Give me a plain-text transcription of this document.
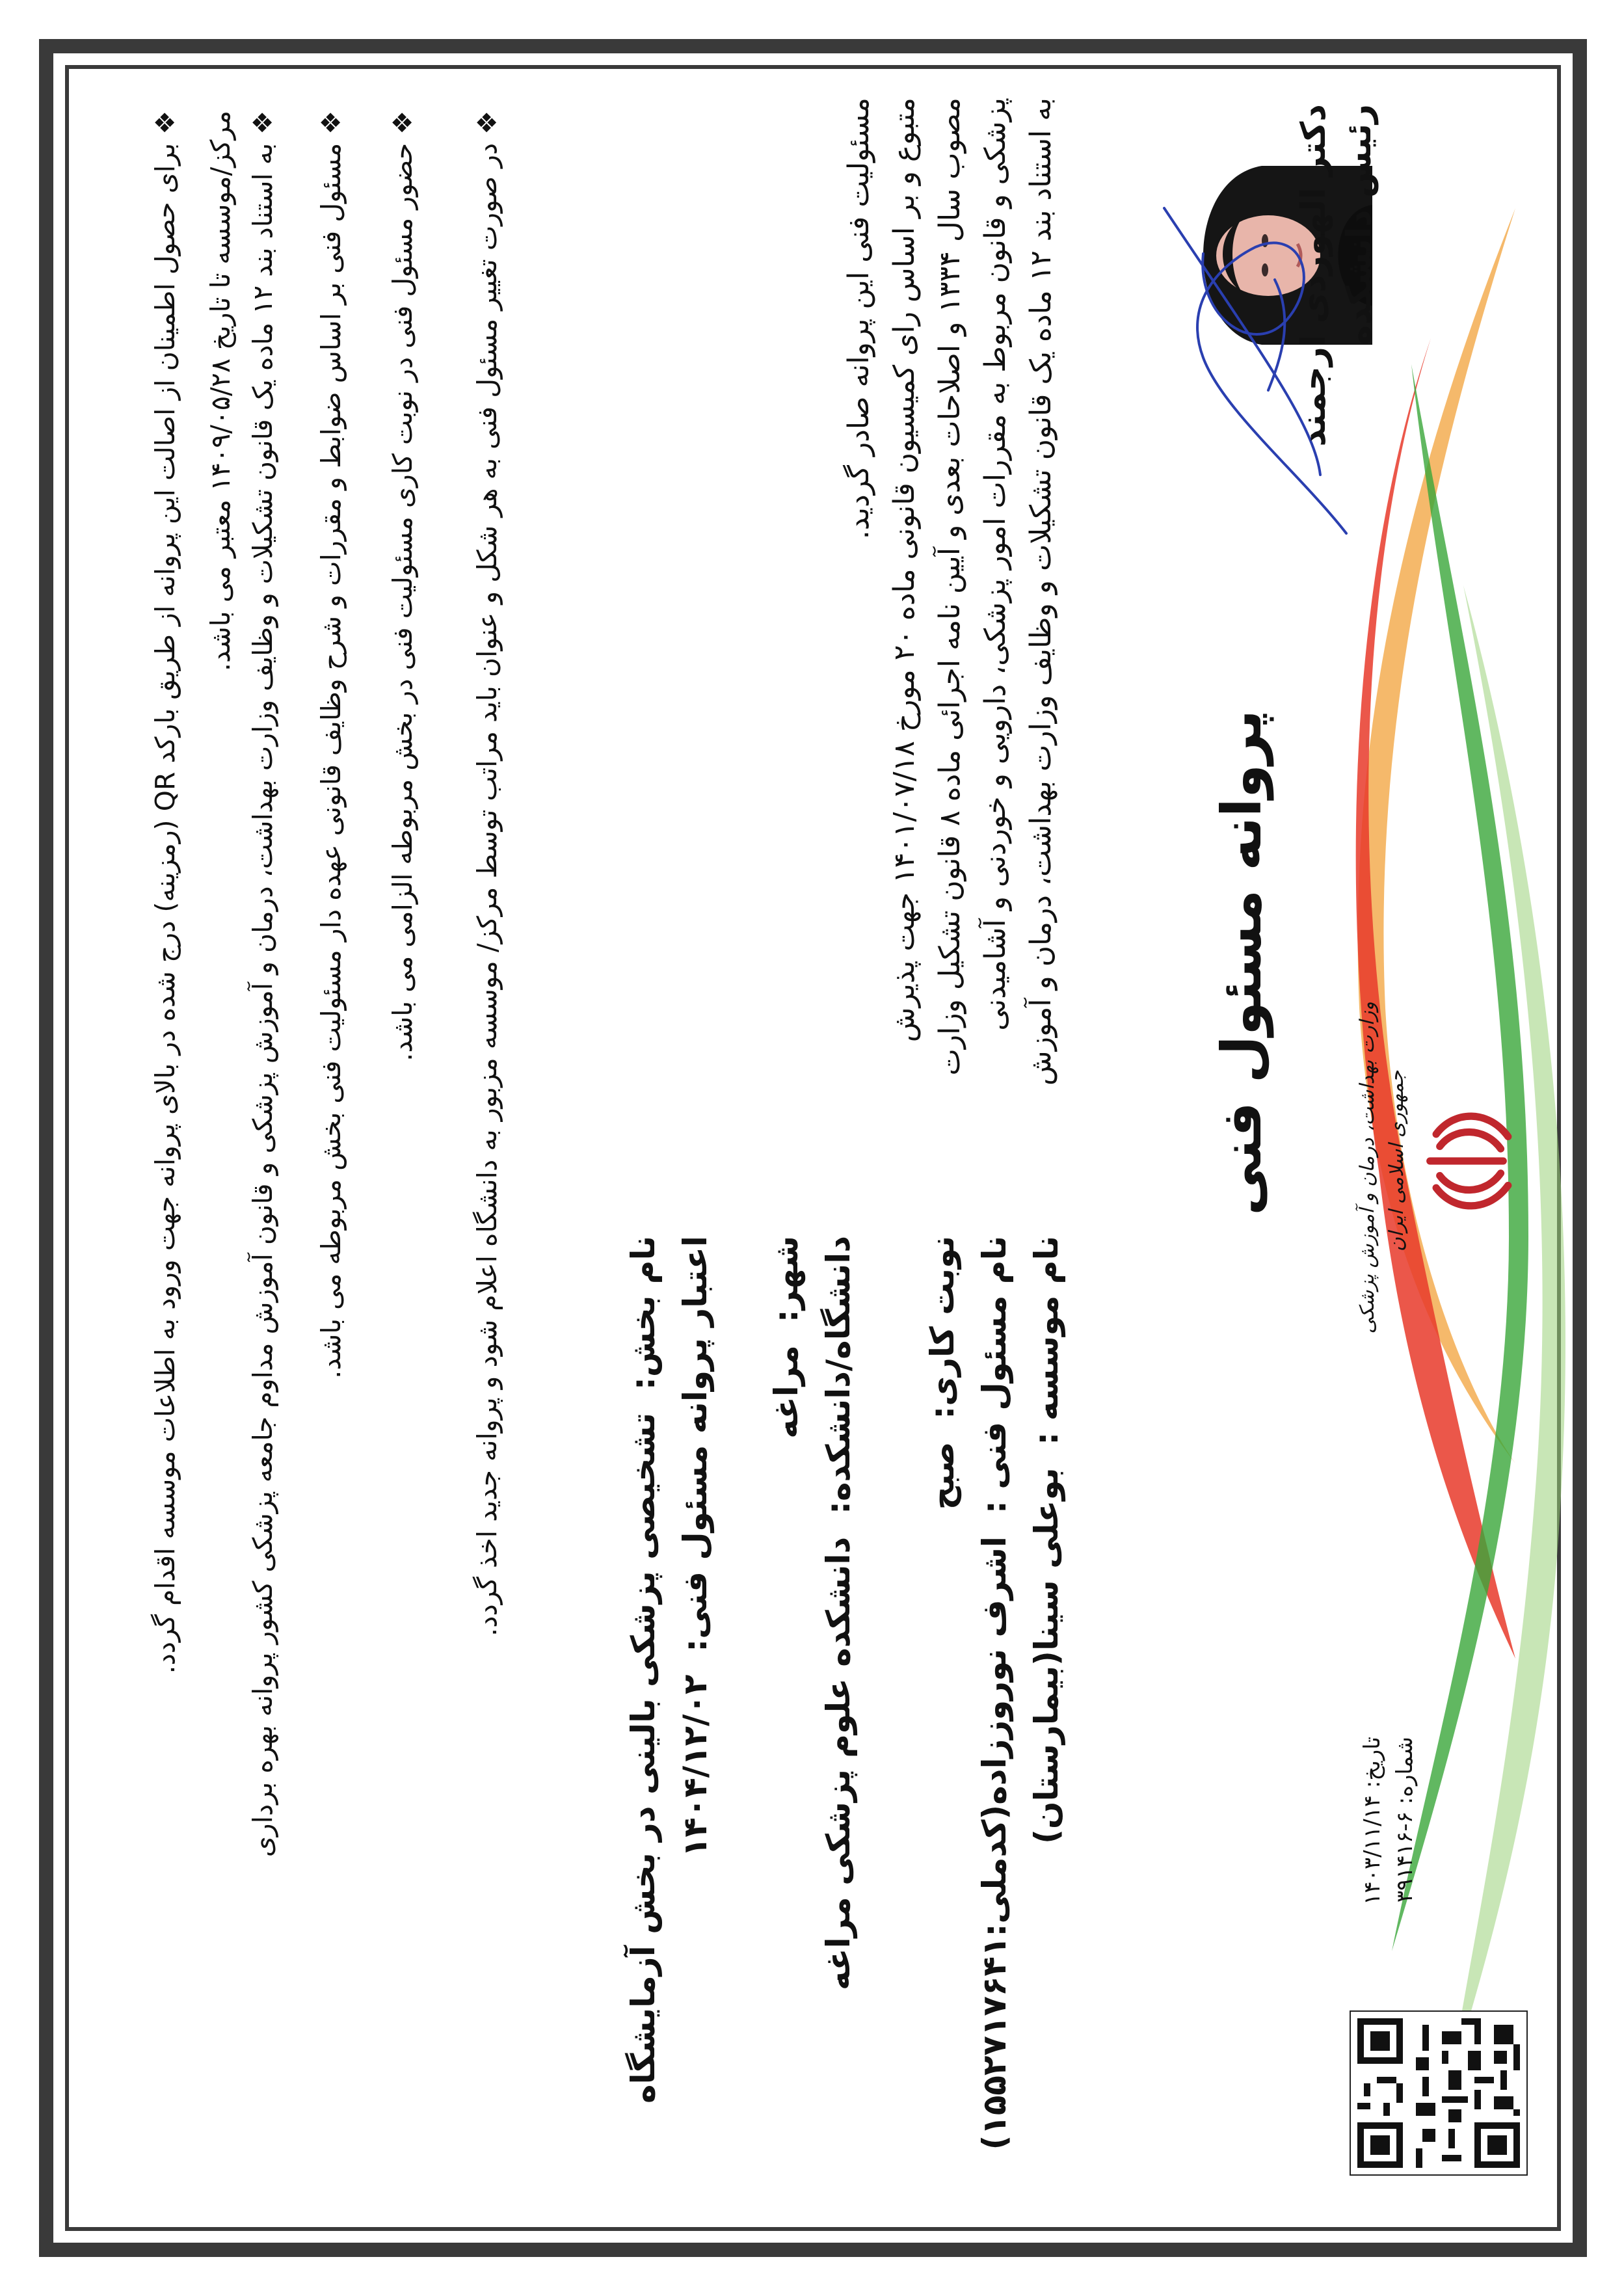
شماره: ۶-۳۹۱۴۱۶
تاریخ: ۱۴۰۳/۱۱/۱۴
جمهوری اسلامی ایران
وزارت بهداشت، درمان و آموزش پزشکی
پروانه مسئول فنی
به استناد بند ۱۲ ماده یک قانون تشکیلات و وظایف وزارت بهداشت، درمان و آموزش
پزشکی و قانون مربوط به مقررات امور پزشکی، دارویی و خوردنی و آشامیدنی
مصوب سال ۱۳۳۴ و اصلاحات بعدی و آیین نامه اجرائی ماده ۸ قانون تشکیل وزارت
متبوع و بر اساس رای کمیسیون قانونی ماده ۲۰ مورخ ۱۴۰۱/۰۷/۱۸ جهت پذیرش
مسئولیت فنی این پروانه صادر گردید.
نام موسسه :  بوعلی سینا(بیمارستان)
نام مسئول فنی :  اشرف نوروززاده(کدملی:۱۵۵۲۷۱۷۶۴۱)
نوبت کاری:  صبح
دانشگاه/دانشکده:  دانشکده علوم پزشکی مراغه
شهر:  مراغه
اعتبار پروانه مسئول فنی:  ۱۴۰۴/۱۲/۰۲
نام بخش:  تشخیصی پزشکی بالینی در بخش آزمایشگاه
دکتر الهوردی ارجمند رئیس دانشکده
❖ در صورت تغییر مسئول فنی به هر شکل و عنوان باید مراتب توسط مرکز/ موسسه مزبور به دانشگاه اعلام شود و پروانه جدید اخذ گردد.
❖ حضور مسئول فنی در نوبت کاری مسئولیت فنی در بخش مربوطه الزامی می باشد.
❖ مسئول فنی بر اساس ضوابط و مقررات و شرح وظایف قانونی عهده دار مسئولیت فنی بخش مربوطه می باشد.
❖ به استناد بند ۱۲ ماده یک قانون تشکیلات و وظایف وزارت بهداشت، درمان و آموزش پزشکی و قانون آموزش مداوم جامعه پزشکی کشور پروانه بهره برداری
مرکز/موسسه تا تاریخ ۱۴۰۹/۰۵/۲۸ معتبر می باشد.
❖ برای حصول اطمینان از اصالت این پروانه از طریق بارکد QR (رمزینه) درج شده در بالای پروانه جهت ورود به اطلاعات موسسه اقدام گردد.
